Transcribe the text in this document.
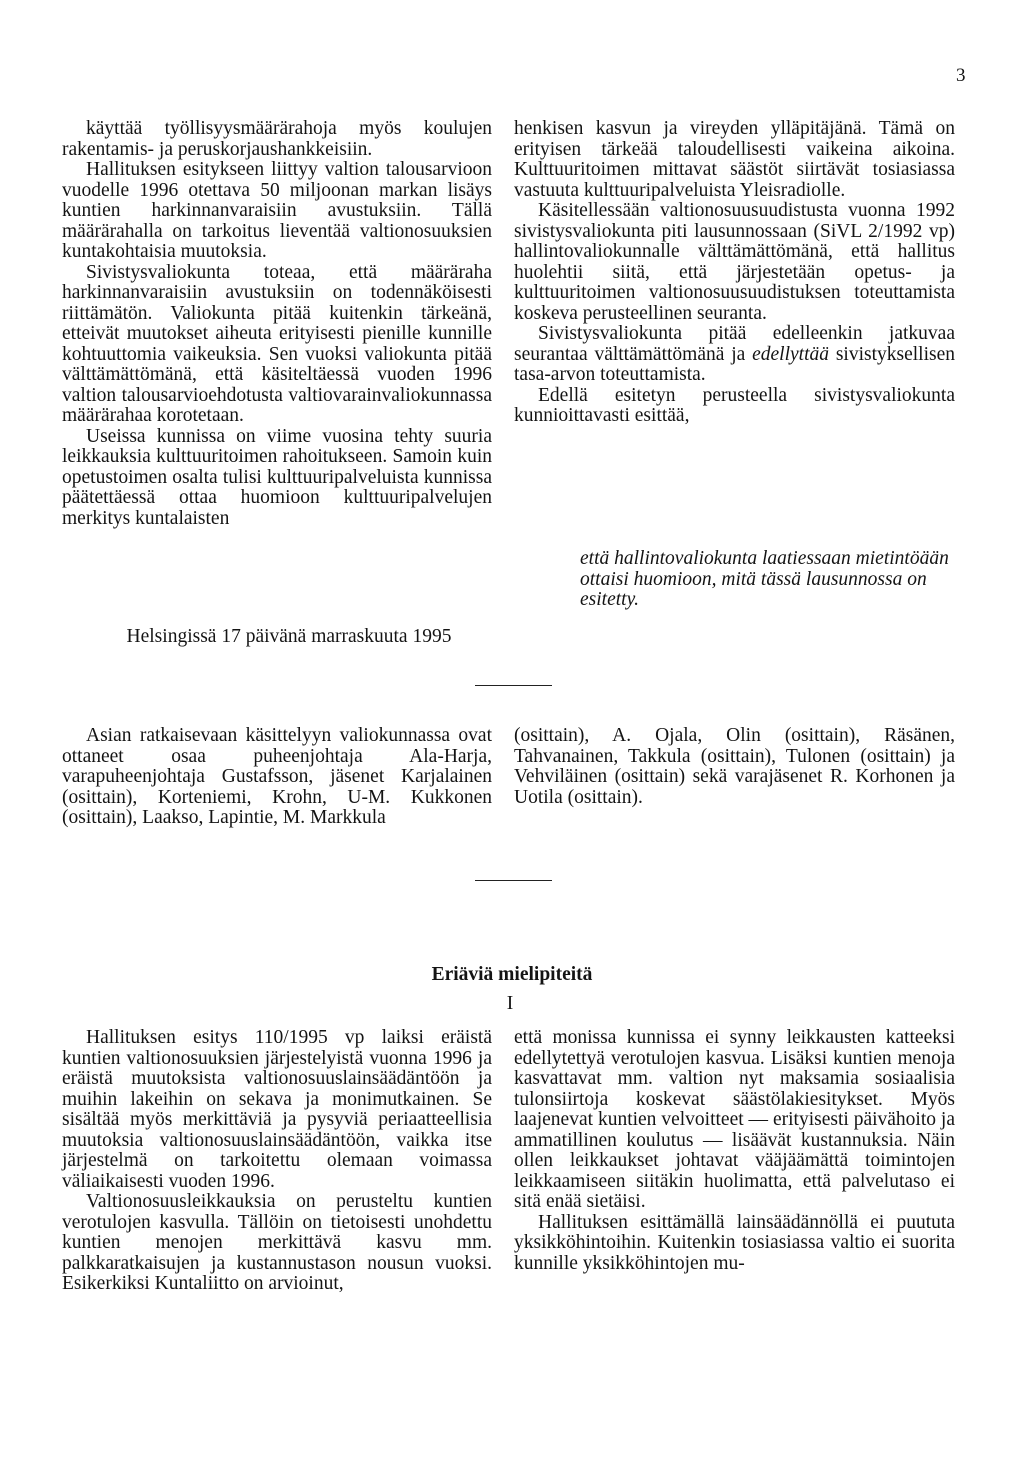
3

käyttää työllisyysmäärärahoja myös koulujen rakentamis- ja peruskorjaushankkeisiin.

Hallituksen esitykseen liittyy valtion talousarvioon vuodelle 1996 otettava 50 miljoonan markan lisäys kuntien harkinnanvaraisiin avustuksiin. Tällä määrärahalla on tarkoitus lieventää valtionosuuksien kuntakohtaisia muutoksia.

Sivistysvaliokunta toteaa, että määräraha harkinnanvaraisiin avustuksiin on todennäköisesti riittämätön. Valiokunta pitää kuitenkin tärkeänä, etteivät muutokset aiheuta erityisesti pienille kunnille kohtuuttomia vaikeuksia. Sen vuoksi valiokunta pitää välttämättömänä, että käsiteltäessä vuoden 1996 valtion talousarvioehdotusta valtiovarainvaliokunnassa määrärahaa korotetaan.

Useissa kunnissa on viime vuosina tehty suuria leikkauksia kulttuuritoimen rahoitukseen. Samoin kuin opetustoimen osalta tulisi kulttuuripalveluista kunnissa päätettäessä ottaa huomioon kulttuuripalvelujen merkitys kuntalaisten

henkisen kasvun ja vireyden ylläpitäjänä. Tämä on erityisen tärkeää taloudellisesti vaikeina aikoina. Kulttuuritoimen mittavat säästöt siirtävät tosiasiassa vastuuta kulttuuripalveluista Yleisradiolle.

Käsitellessään valtionosuusuudistusta vuonna 1992 sivistysvaliokunta piti lausunnossaan (SiVL 2/1992 vp) hallintovaliokunnalle välttämättömänä, että hallitus huolehtii siitä, että järjestetään opetus- ja kulttuuritoimen valtionosuusuudistuksen toteuttamista koskeva perusteellinen seuranta.

Sivistysvaliokunta pitää edelleenkin jatkuvaa seurantaa välttämättömänä ja edellyttää sivistyksellisen tasa-arvon toteuttamista.

Edellä esitetyn perusteella sivistysvaliokunta kunnioittavasti esittää,

että hallintovaliokunta laatiessaan mietintöään ottaisi huomioon, mitä tässä lausunnossa on esitetty.

Helsingissä 17 päivänä marraskuuta 1995

Asian ratkaisevaan käsittelyyn valiokunnassa ovat ottaneet osaa puheenjohtaja Ala-Harja, varapuheenjohtaja Gustafsson, jäsenet Karjalainen (osittain), Korteniemi, Krohn, U-M. Kukkonen (osittain), Laakso, Lapintie, M. Markkula

(osittain), A. Ojala, Olin (osittain), Räsänen, Tahvanainen, Takkula (osittain), Tulonen (osittain) ja Vehviläinen (osittain) sekä varajäsenet R. Korhonen ja Uotila (osittain).

Eriäviä mielipiteitä
I

Hallituksen esitys 110/1995 vp laiksi eräistä kuntien valtionosuuksien järjestelyistä vuonna 1996 ja eräistä muutoksista valtionosuuslainsäädäntöön ja muihin lakeihin on sekava ja monimutkainen. Se sisältää myös merkittäviä ja pysyviä periaatteellisia muutoksia valtionosuuslainsäädäntöön, vaikka itse järjestelmä on tarkoitettu olemaan voimassa väliaikaisesti vuoden 1996.

Valtionosuusleikkauksia on perusteltu kuntien verotulojen kasvulla. Tällöin on tietoisesti unohdettu kuntien menojen merkittävä kasvu mm. palkkaratkaisujen ja kustannustason nousun vuoksi. Esikerkiksi Kuntaliitto on arvioinut,

että monissa kunnissa ei synny leikkausten katteeksi edellytettyä verotulojen kasvua. Lisäksi kuntien menoja kasvattavat mm. valtion nyt maksamia sosiaalisia tulonsiirtoja koskevat säästölakiesitykset. Myös laajenevat kuntien velvoitteet — erityisesti päivähoito ja ammatillinen koulutus — lisäävät kustannuksia. Näin ollen leikkaukset johtavat vääjäämättä toimintojen leikkaamiseen siitäkin huolimatta, että palvelutaso ei sitä enää sietäisi.

Hallituksen esittämällä lainsäädännöllä ei puututa yksikköhintoihin. Kuitenkin tosiasiassa valtio ei suorita kunnille yksikköhintojen mu-
